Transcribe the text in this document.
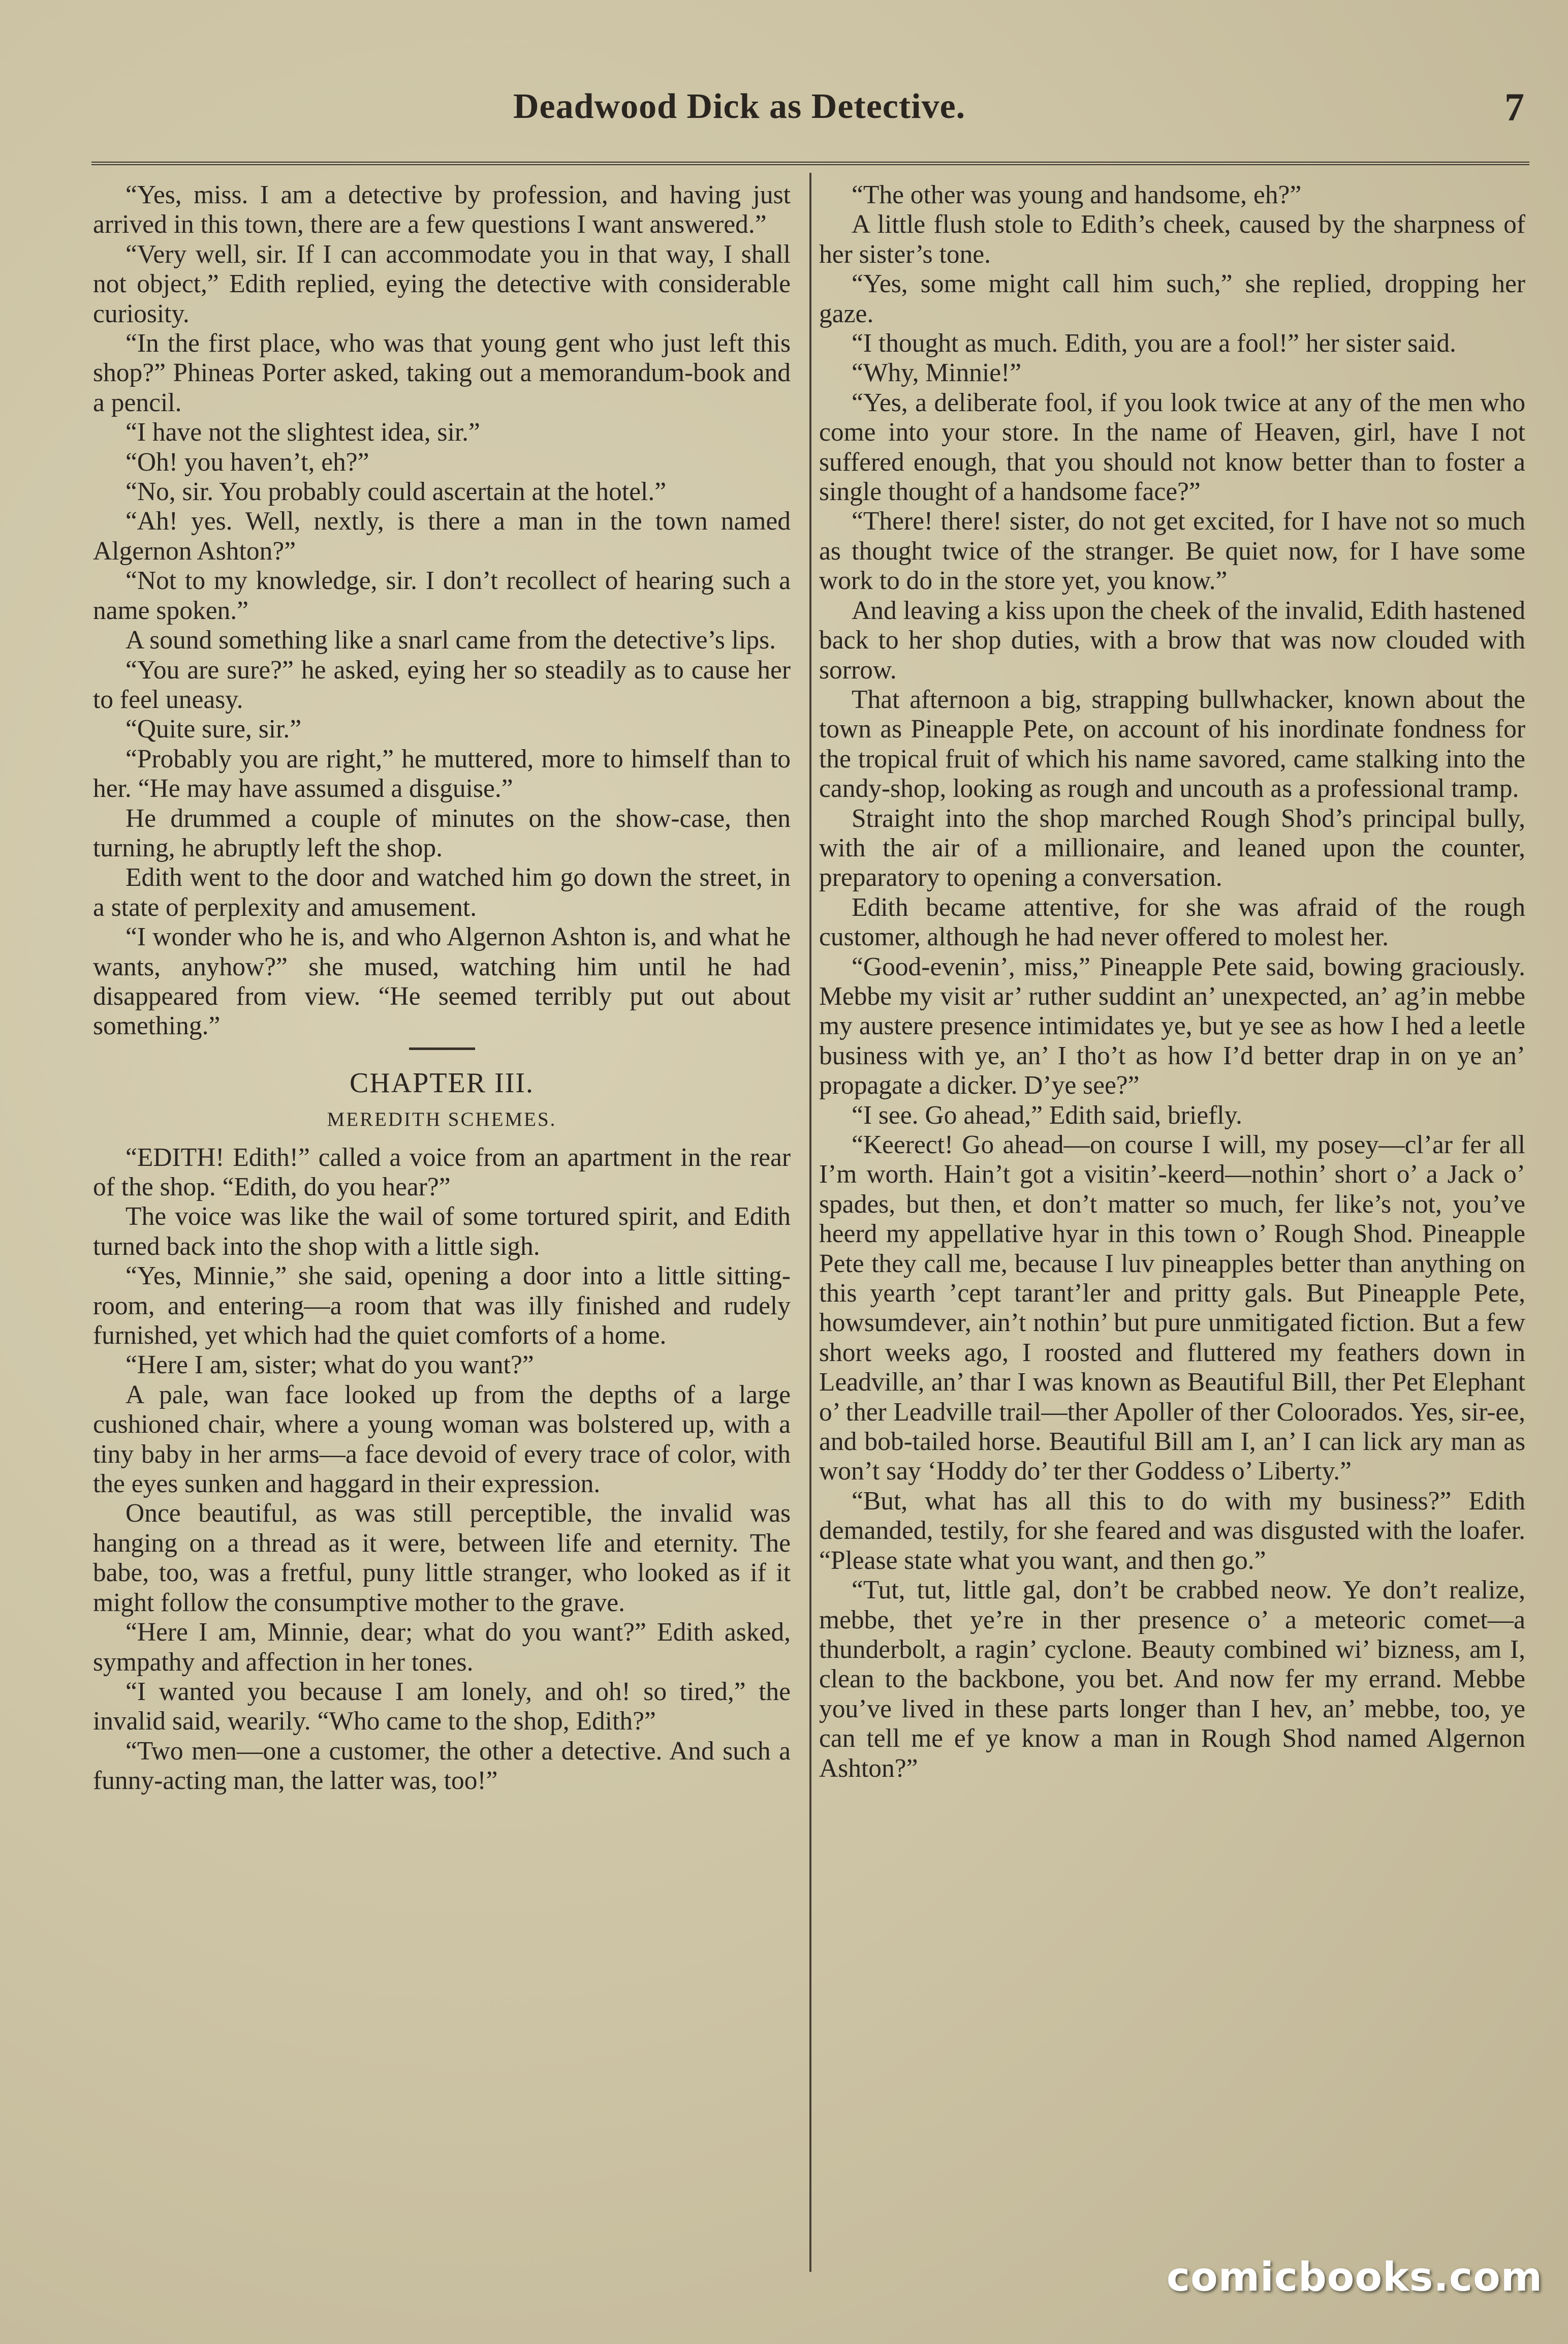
Deadwood Dick as Detective.	7

“Yes, miss. I am a detective by profession, and having just arrived in this town, there are a few questions I want answered.”

“Very well, sir. If I can accommodate you in that way, I shall not object,” Edith replied, eying the detective with considerable curiosity.

“In the first place, who was that young gent who just left this shop?” Phineas Porter asked, taking out a memorandum-book and a pencil.

“I have not the slightest idea, sir.”

“Oh! you haven’t, eh?”

“No, sir. You probably could ascertain at the hotel.”

“Ah! yes. Well, nextly, is there a man in the town named Algernon Ashton?”

“Not to my knowledge, sir. I don’t recollect of hearing such a name spoken.”

A sound something like a snarl came from the detective’s lips.

“You are sure?” he asked, eying her so steadily as to cause her to feel uneasy.

“Quite sure, sir.”

“Probably you are right,” he muttered, more to himself than to her. “He may have assumed a disguise.”

He drummed a couple of minutes on the show-case, then turning, he abruptly left the shop.

Edith went to the door and watched him go down the street, in a state of perplexity and amusement.

“I wonder who he is, and who Algernon Ashton is, and what he wants, anyhow?” she mused, watching him until he had disappeared from view. “He seemed terribly put out about something.”

CHAPTER III.
MEREDITH SCHEMES.

“EDITH! Edith!” called a voice from an apartment in the rear of the shop. “Edith, do you hear?”

The voice was like the wail of some tortured spirit, and Edith turned back into the shop with a little sigh.

“Yes, Minnie,” she said, opening a door into a little sitting-room, and entering—a room that was illy finished and rudely furnished, yet which had the quiet comforts of a home.

“Here I am, sister; what do you want?”

A pale, wan face looked up from the depths of a large cushioned chair, where a young woman was bolstered up, with a tiny baby in her arms—a face devoid of every trace of color, with the eyes sunken and haggard in their expression.

Once beautiful, as was still perceptible, the invalid was hanging on a thread as it were, between life and eternity. The babe, too, was a fretful, puny little stranger, who looked as if it might follow the consumptive mother to the grave.

“Here I am, Minnie, dear; what do you want?” Edith asked, sympathy and affection in her tones.

“I wanted you because I am lonely, and oh! so tired,” the invalid said, wearily. “Who came to the shop, Edith?”

“Two men—one a customer, the other a detective. And such a funny-acting man, the latter was, too!”

“The other was young and handsome, eh?”

A little flush stole to Edith’s cheek, caused by the sharpness of her sister’s tone.

“Yes, some might call him such,” she replied, dropping her gaze.

“I thought as much. Edith, you are a fool!” her sister said.

“Why, Minnie!”

“Yes, a deliberate fool, if you look twice at any of the men who come into your store. In the name of Heaven, girl, have I not suffered enough, that you should not know better than to foster a single thought of a handsome face?”

“There! there! sister, do not get excited, for I have not so much as thought twice of the stranger. Be quiet now, for I have some work to do in the store yet, you know.”

And leaving a kiss upon the cheek of the invalid, Edith hastened back to her shop duties, with a brow that was now clouded with sorrow.

That afternoon a big, strapping bullwhacker, known about the town as Pineapple Pete, on account of his inordinate fondness for the tropical fruit of which his name savored, came stalking into the candy-shop, looking as rough and uncouth as a professional tramp.

Straight into the shop marched Rough Shod’s principal bully, with the air of a millionaire, and leaned upon the counter, preparatory to opening a conversation.

Edith became attentive, for she was afraid of the rough customer, although he had never offered to molest her.

“Good-evenin’, miss,” Pineapple Pete said, bowing graciously. Mebbe my visit ar’ ruther suddint an’ unexpected, an’ ag’in mebbe my austere presence intimidates ye, but ye see as how I hed a leetle business with ye, an’ I tho’t as how I’d better drap in on ye an’ propagate a dicker. D’ye see?”

“I see. Go ahead,” Edith said, briefly.

“Keerect! Go ahead—on course I will, my posey—cl’ar fer all I’m worth. Hain’t got a visitin’-keerd—nothin’ short o’ a Jack o’ spades, but then, et don’t matter so much, fer like’s not, you’ve heerd my appellative hyar in this town o’ Rough Shod. Pineapple Pete they call me, because I luv pineapples better than anything on this yearth ’cept tarant’ler and pritty gals. But Pineapple Pete, howsumdever, ain’t nothin’ but pure unmitigated fiction. But a few short weeks ago, I roosted and fluttered my feathers down in Leadville, an’ thar I was known as Beautiful Bill, ther Pet Elephant o’ ther Leadville trail—ther Apoller of ther Coloorados. Yes, sir-ee, and bob-tailed horse. Beautiful Bill am I, an’ I can lick ary man as won’t say ‘Hoddy do’ ter ther Goddess o’ Liberty.”

“But, what has all this to do with my business?” Edith demanded, testily, for she feared and was disgusted with the loafer. “Please state what you want, and then go.”

“Tut, tut, little gal, don’t be crabbed neow. Ye don’t realize, mebbe, thet ye’re in ther presence o’ a meteoric comet—a thunderbolt, a ragin’ cyclone. Beauty combined wi’ bizness, am I, clean to the backbone, you bet. And now fer my errand. Mebbe you’ve lived in these parts longer than I hev, an’ mebbe, too, ye can tell me ef ye know a man in Rough Shod named Algernon Ashton?”

comicbooks.com
